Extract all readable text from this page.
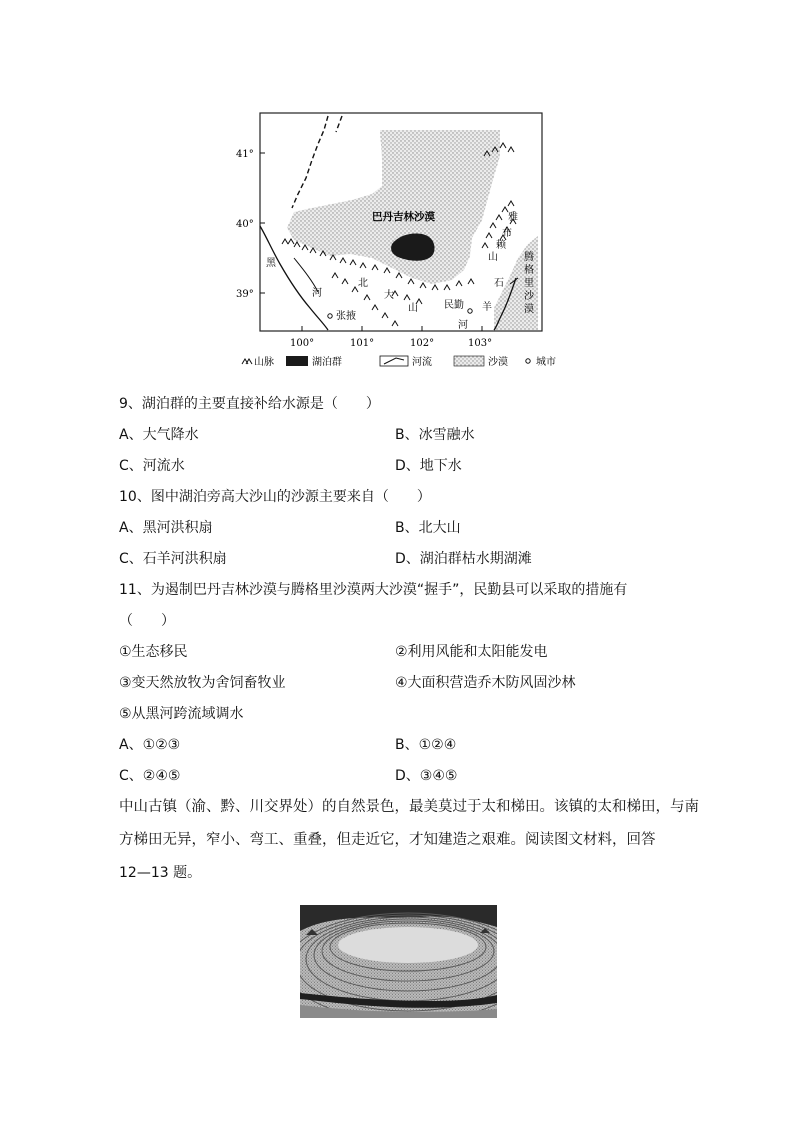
41°
40°
39°
100°	101°	102°	103°
巴丹吉林沙漠
腾
格
里
沙
漠
雅
布
赖
山
北
大
山
黑
河
石
羊
河
张掖
民勤
山脉	湖泊群	河流	沙漠	城市
9、湖泊群的主要直接补给水源是（　　）
A、大气降水	B、冰雪融水
C、河流水	D、地下水
10、图中湖泊旁高大沙山的沙源主要来自（　　）
A、黑河洪积扇	B、北大山
C、石羊河洪积扇	D、湖泊群枯水期湖滩
11、为遏制巴丹吉林沙漠与腾格里沙漠两大沙漠“握手”，民勤县可以采取的措施有
（　　）
①生态移民	②利用风能和太阳能发电
③变天然放牧为舍饲畜牧业	④大面积营造乔木防风固沙林
⑤从黑河跨流域调水
A、①②③	B、①②④
C、②④⑤	D、③④⑤
中山古镇（渝、黔、川交界处）的自然景色，最美莫过于太和梯田。该镇的太和梯田，与南
方梯田无异，窄小、弯工、重叠，但走近它，才知建造之艰难。阅读图文材料，回答
12—13 题。
